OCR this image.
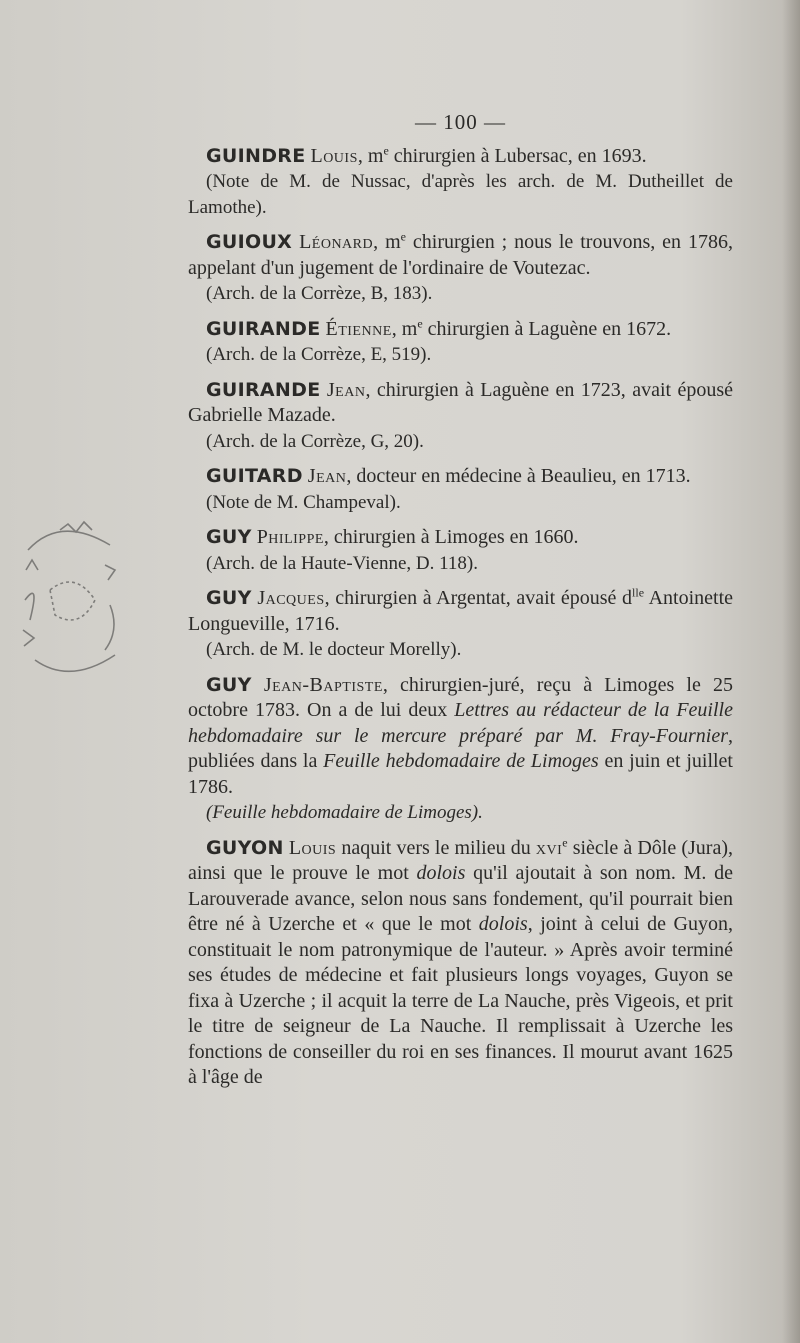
— 100 —

GUINDRE Louis, $m^e$ chirurgien à Lubersac, en 1693.

(Note de M. de Nussac, d'après les arch. de M. Dutheillet de Lamothe).

GUIOUX Léonard, $m^e$ chirurgien ; nous le trouvons, en 1786, appelant d'un jugement de l'ordinaire de Voutezac.

(Arch. de la Corrèze, B, 183).

GUIRANDE Étienne, $m^e$ chirurgien à Laguène en 1672.

(Arch. de la Corrèze, E, 519).

GUIRANDE Jean, chirurgien à Laguène en 1723, avait épousé Gabrielle Mazade.

(Arch. de la Corrèze, G, 20).

GUITARD Jean, docteur en médecine à Beaulieu, en 1713.

(Note de M. Champeval).

GUY Philippe, chirurgien à Limoges en 1660.

(Arch. de la Haute-Vienne, D. 118).

GUY Jacques, chirurgien à Argentat, avait épousé $d^{lle}$ Antoinette Longueville, 1716.

(Arch. de M. le docteur Morelly).

GUY Jean-Baptiste, chirurgien-juré, reçu à Limoges le 25 octobre 1783. On a de lui deux Lettres au rédacteur de la Feuille hebdomadaire sur le mercure préparé par M. Fray-Fournier, publiées dans la Feuille hebdomadaire de Limoges en juin et juillet 1786.

(Feuille hebdomadaire de Limoges).

GUYON Louis naquit vers le milieu du xvi$^e$ siècle à Dôle (Jura), ainsi que le prouve le mot dolois qu'il ajoutait à son nom. M. de Larouverade avance, selon nous sans fondement, qu'il pourrait bien être né à Uzerche et « que le mot dolois, joint à celui de Guyon, constituait le nom patronymique de l'auteur. » Après avoir terminé ses études de médecine et fait plusieurs longs voyages, Guyon se fixa à Uzerche ; il acquit la terre de La Nauche, près Vigeois, et prit le titre de seigneur de La Nauche. Il remplissait à Uzerche les fonctions de conseiller du roi en ses finances. Il mourut avant 1625 à l'âge de
